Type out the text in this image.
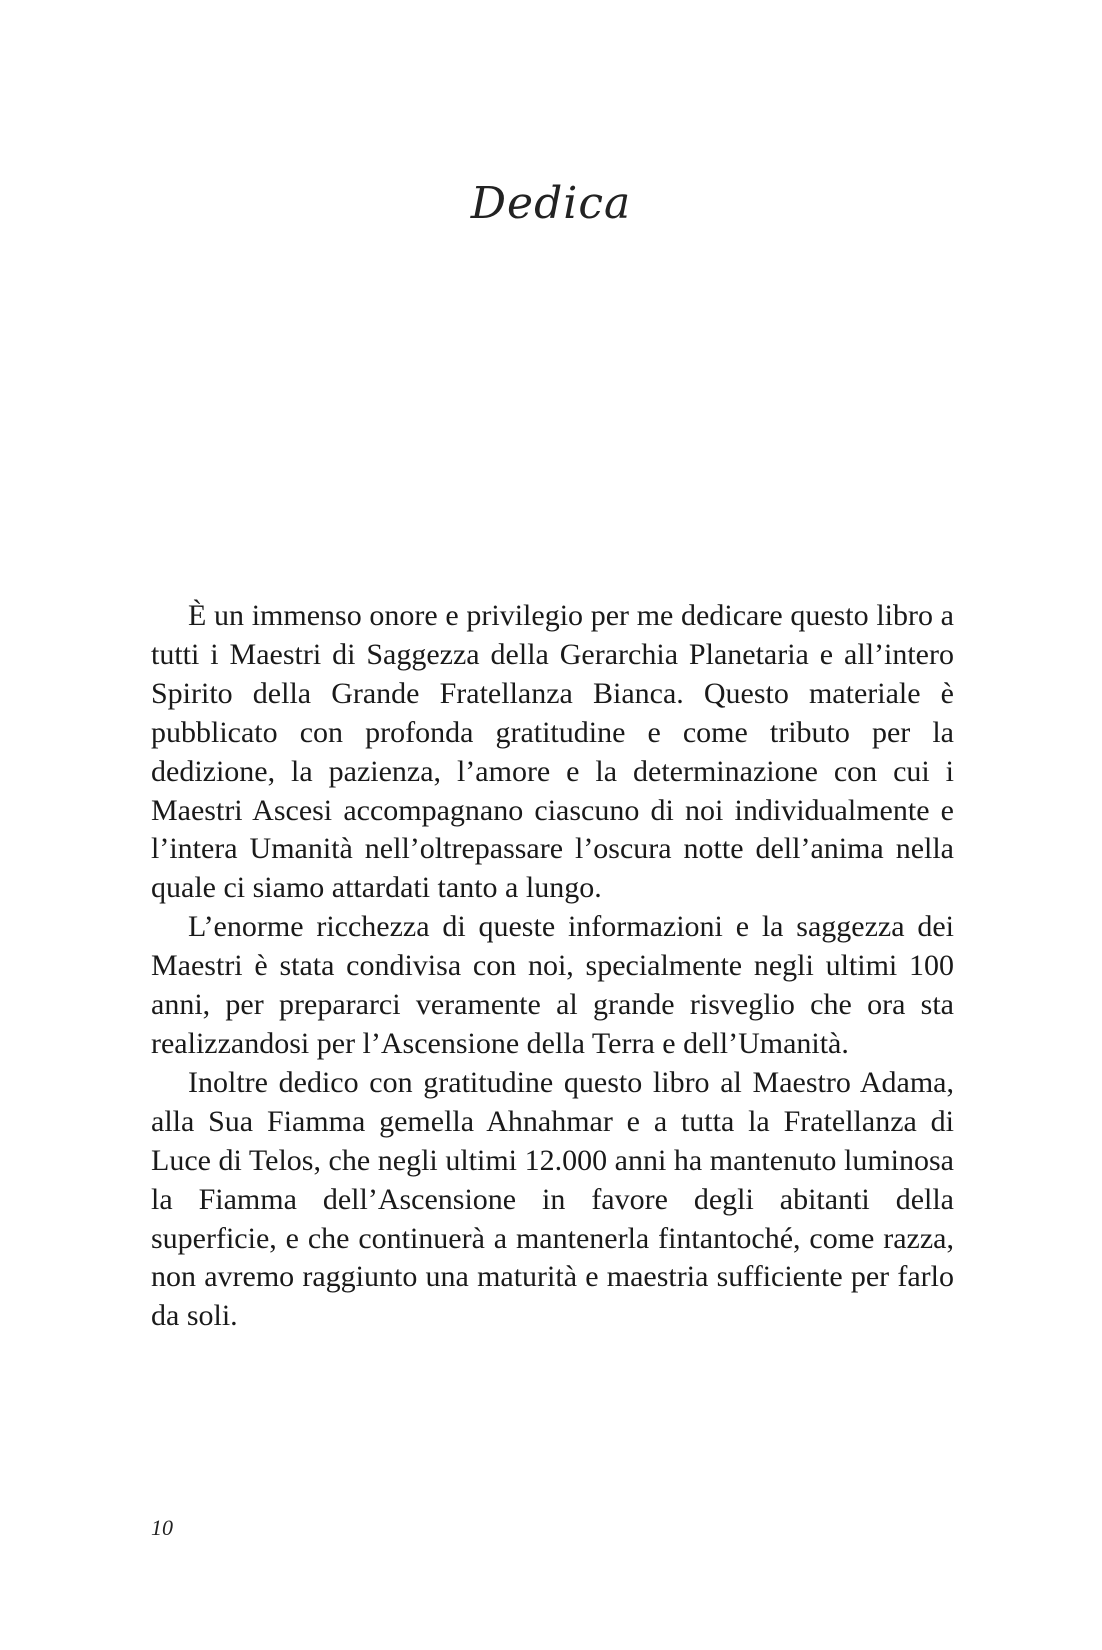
Dedica

È un immenso onore e privilegio per me dedicare questo libro a tutti i Maestri di Saggezza della Gerarchia Planetaria e all’intero Spirito della Grande Fratellanza Bianca. Questo materiale è pubblicato con profonda gratitudine e come tributo per la dedizione, la pazienza, l’amore e la determinazione con cui i Maestri Ascesi accompagnano ciascuno di noi individualmente e l’intera Umanità nell’oltrepassare l’oscura notte dell’anima nella quale ci siamo attardati tanto a lungo.

L’enorme ricchezza di queste informazioni e la saggezza dei Maestri è stata condivisa con noi, specialmente negli ultimi 100 anni, per prepararci veramente al grande risveglio che ora sta realizzandosi per l’Ascensione della Terra e dell’Umanità.

Inoltre dedico con gratitudine questo libro al Maestro Adama, alla Sua Fiamma gemella Ahnahmar e a tutta la Fratellanza di Luce di Telos, che negli ultimi 12.000 anni ha mantenuto luminosa la Fiamma dell’Ascensione in favore degli abitanti della superficie, e che continuerà a mantenerla fintantoché, come razza, non avremo raggiunto una maturità e maestria sufficiente per farlo da soli.

10
